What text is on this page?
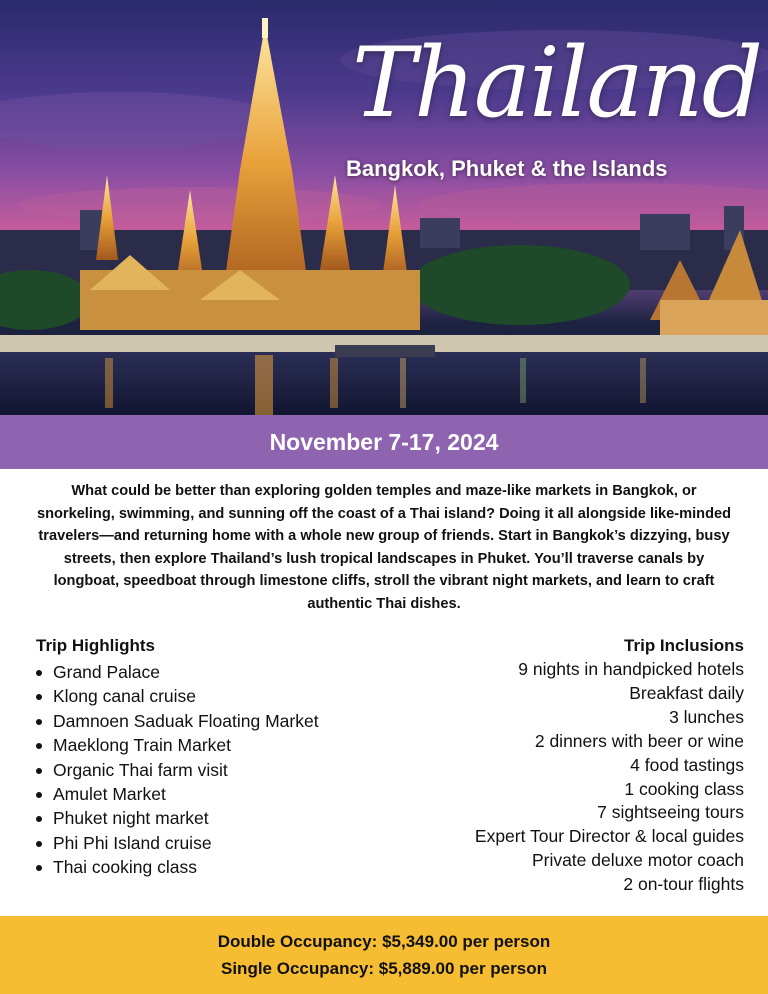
Thailand
Bangkok, Phuket & the Islands
November 7-17, 2024

What could be better than exploring golden temples and maze-like markets in Bangkok, or snorkeling, swimming, and sunning off the coast of a Thai island? Doing it all alongside like-minded travelers—and returning home with a whole new group of friends. Start in Bangkok’s dizzying, busy streets, then explore Thailand’s lush tropical landscapes in Phuket. You’ll traverse canals by longboat, speedboat through limestone cliffs, stroll the vibrant night markets, and learn to craft authentic Thai dishes.

Trip Highlights
Grand Palace
Klong canal cruise
Damnoen Saduak Floating Market
Maeklong Train Market
Organic Thai farm visit
Amulet Market
Phuket night market
Phi Phi Island cruise
Thai cooking class
Trip Inclusions
9 nights in handpicked hotels
Breakfast daily
3 lunches
2 dinners with beer or wine
4 food tastings
1 cooking class
7 sightseeing tours
Expert Tour Director & local guides
Private deluxe motor coach
2 on-tour flights
Double Occupancy: $5,349.00 per person
Single Occupancy: $5,889.00 per person
